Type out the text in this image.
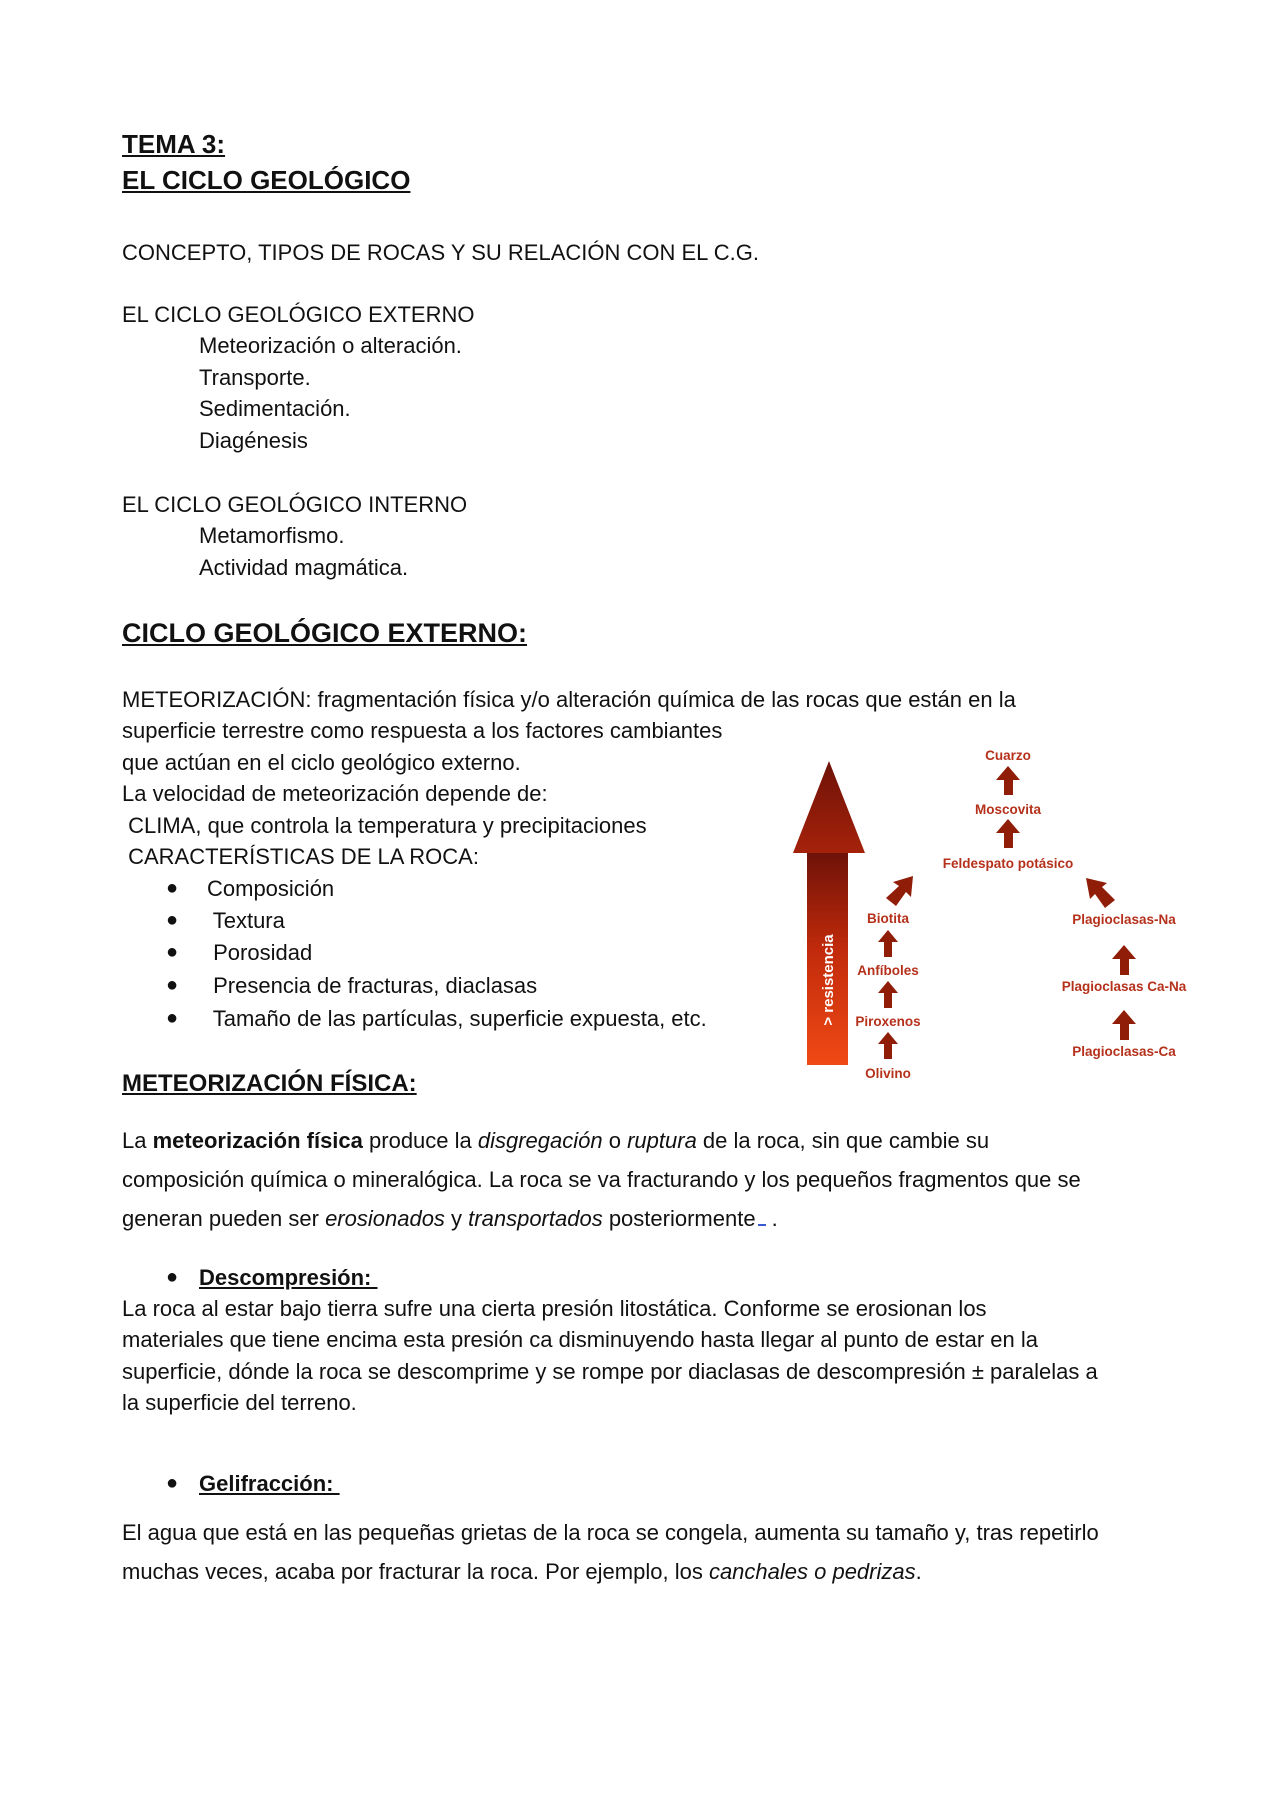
TEMA 3:
EL CICLO GEOLÓGICO
CONCEPTO, TIPOS DE ROCAS Y SU RELACIÓN CON EL C.G.
EL CICLO GEOLÓGICO EXTERNO
Meteorización o alteración.
Transporte.
Sedimentación.
Diagénesis
EL CICLO GEOLÓGICO INTERNO
Metamorfismo.
Actividad magmática.
CICLO GEOLÓGICO EXTERNO:
METEORIZACIÓN: fragmentación física y/o alteración química de las rocas que están en la
superficie terrestre como respuesta a los factores cambiantes
que actúan en el ciclo geológico externo.
La velocidad de meteorización depende de:
CLIMA, que controla la temperatura y precipitaciones
CARACTERÍSTICAS DE LA ROCA:
● Composición
● Textura
● Porosidad
● Presencia de fracturas, diaclasas
● Tamaño de las partículas, superficie expuesta, etc.	> resistencia
Olivino
Piroxenos
Anfíboles
Biotita
Plagioclasas-Ca
Plagioclasas Ca-Na
Plagioclasas-Na
Feldespato potásico
Moscovita
Cuarzo
METEORIZACIÓN FÍSICA:
La meteorización física produce la disgregación o ruptura de la roca, sin que cambie su
composición química o mineralógica. La roca se va fracturando y los pequeños fragmentos que se
generan pueden ser erosionados y transportados posteriormente .
● Descompresión:
La roca al estar bajo tierra sufre una cierta presión litostática. Conforme se erosionan los
materiales que tiene encima esta presión ca disminuyendo hasta llegar al punto de estar en la
superficie, dónde la roca se descomprime y se rompe por diaclasas de descompresión ± paralelas a
la superficie del terreno.
● Gelifracción:
El agua que está en las pequeñas grietas de la roca se congela, aumenta su tamaño y, tras repetirlo
muchas veces, acaba por fracturar la roca. Por ejemplo, los canchales o pedrizas.
